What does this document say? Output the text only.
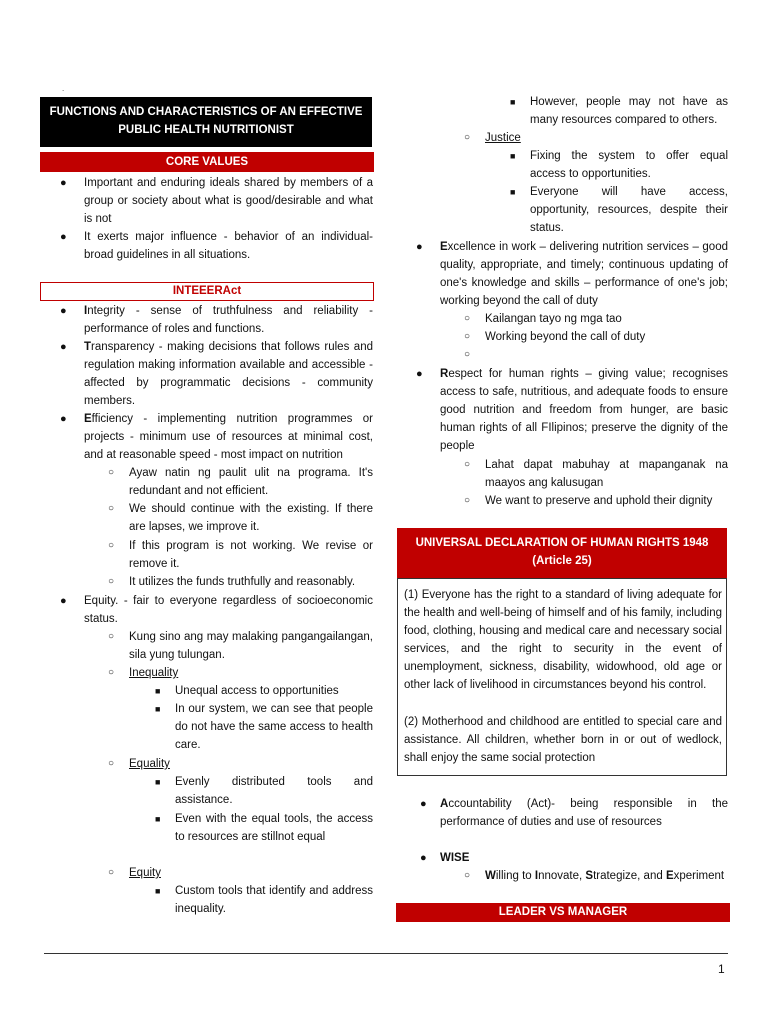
.
FUNCTIONS AND CHARACTERISTICS OF AN EFFECTIVE PUBLIC HEALTH NUTRITIONIST
CORE VALUES
● Important and enduring ideals shared by members of a group or society about what is good/desirable and what is not
● It exerts major influence - behavior of an individual- broad guidelines in all situations.
INTEEERAct
● Integrity - sense of truthfulness and reliability - performance of roles and functions.
● Transparency - making decisions that follows rules and regulation making information available and accessible - affected by programmatic decisions - community members.
● Efficiency - implementing nutrition programmes or projects - minimum use of resources at minimal cost, and at reasonable speed - most impact on nutrition
○ Ayaw natin ng paulit ulit na programa. It's redundant and not efficient.
○ We should continue with the existing. If there are lapses, we improve it.
○ If this program is not working. We revise or remove it.
○ It utilizes the funds truthfully and reasonably.
● Equity. - fair to everyone regardless of socioeconomic status.
○ Kung sino ang may malaking pangangailangan, sila yung tulungan.
○ Inequality
■ Unequal access to opportunities
■ In our system, we can see that people do not have the same access to health care.
○ Equality
■ Evenly distributed tools and assistance.
■ Even with the equal tools, the access to resources are stillnot equal
○ Equity
■ Custom tools that identify and address inequality.
■ However, people may not have as many resources compared to others.
○ Justice
■ Fixing the system to offer equal access to opportunities.
■ Everyone will have access, opportunity, resources, despite their status.
● Excellence in work – delivering nutrition services – good quality, appropriate, and timely; continuous updating of one's knowledge and skills – performance of one's job; working beyond the call of duty
○ Kailangan tayo ng mga tao
○ Working beyond the call of duty
○
● Respect for human rights – giving value; recognises access to safe, nutritious, and adequate foods to ensure good nutrition and freedom from hunger, are basic human rights of all FIlipinos; preserve the dignity of the people
○ Lahat dapat mabuhay at mapanganak na maayos ang kalusugan
○ We want to preserve and uphold their dignity
UNIVERSAL DECLARATION OF HUMAN RIGHTS 1948 (Article 25)
(1) Everyone has the right to a standard of living adequate for the health and well-being of himself and of his family, including food, clothing, housing and medical care and necessary social services, and the right to security in the event of unemployment, sickness, disability, widowhood, old age or other lack of livelihood in circumstances beyond his control.
(2) Motherhood and childhood are entitled to special care and assistance. All children, whether born in or out of wedlock, shall enjoy the same social protection
● Accountability (Act)- being responsible in the performance of duties and use of resources
● WISE
○ Willing to Innovate, Strategize, and Experiment
LEADER VS MANAGER
1
